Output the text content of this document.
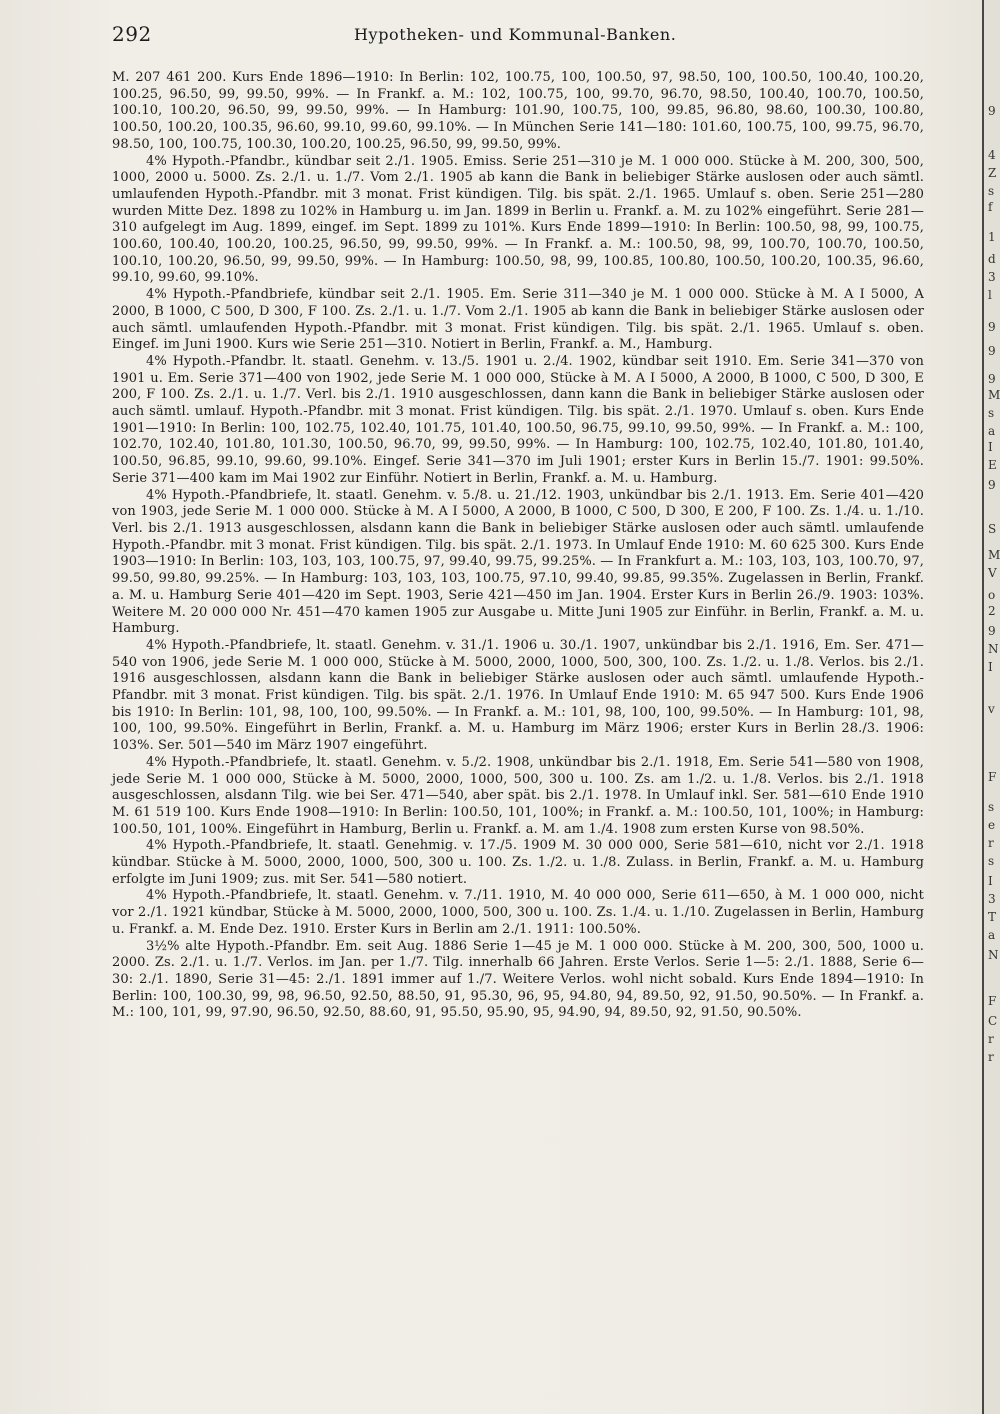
292	Hypotheken- und Kommunal-Banken.

M. 207 461 200. Kurs Ende 1896—1910: In Berlin: 102, 100.75, 100, 100.50, 97, 98.50, 100, 100.50, 100.40, 100.20, 100.25, 96.50, 99, 99.50, 99%. — In Frankf. a. M.: 102, 100.75, 100, 99.70, 96.70, 98.50, 100.40, 100.70, 100.50, 100.10, 100.20, 96.50, 99, 99.50, 99%. — In Hamburg: 101.90, 100.75, 100, 99.85, 96.80, 98.60, 100.30, 100.80, 100.50, 100.20, 100.35, 96.60, 99.10, 99.60, 99.10%. — In München Serie 141—180: 101.60, 100.75, 100, 99.75, 96.70, 98.50, 100, 100.75, 100.30, 100.20, 100.25, 96.50, 99, 99.50, 99%.

4% Hypoth.-Pfandbr., kündbar seit 2./1. 1905. Emiss. Serie 251—310 je M. 1 000 000. Stücke à M. 200, 300, 500, 1000, 2000 u. 5000. Zs. 2./1. u. 1./7. Vom 2./1. 1905 ab kann die Bank in beliebiger Stärke auslosen oder auch sämtl. umlaufenden Hypoth.-Pfandbr. mit 3 monat. Frist kündigen. Tilg. bis spät. 2./1. 1965. Umlauf s. oben. Serie 251—280 wurden Mitte Dez. 1898 zu 102% in Hamburg u. im Jan. 1899 in Berlin u. Frankf. a. M. zu 102% eingeführt. Serie 281—310 aufgelegt im Aug. 1899, eingef. im Sept. 1899 zu 101%. Kurs Ende 1899—1910: In Berlin: 100.50, 98, 99, 100.75, 100.60, 100.40, 100.20, 100.25, 96.50, 99, 99.50, 99%. — In Frankf. a. M.: 100.50, 98, 99, 100.70, 100.70, 100.50, 100.10, 100.20, 96.50, 99, 99.50, 99%. — In Hamburg: 100.50, 98, 99, 100.85, 100.80, 100.50, 100.20, 100.35, 96.60, 99.10, 99.60, 99.10%.

4% Hypoth.-Pfandbriefe, kündbar seit 2./1. 1905. Em. Serie 311—340 je M. 1 000 000. Stücke à M. A I 5000, A 2000, B 1000, C 500, D 300, F 100. Zs. 2./1. u. 1./7. Vom 2./1. 1905 ab kann die Bank in beliebiger Stärke auslosen oder auch sämtl. umlaufenden Hypoth.-Pfandbr. mit 3 monat. Frist kündigen. Tilg. bis spät. 2./1. 1965. Umlauf s. oben. Eingef. im Juni 1900. Kurs wie Serie 251—310. Notiert in Berlin, Frankf. a. M., Hamburg.

4% Hypoth.-Pfandbr. lt. staatl. Genehm. v. 13./5. 1901 u. 2./4. 1902, kündbar seit 1910. Em. Serie 341—370 von 1901 u. Em. Serie 371—400 von 1902, jede Serie M. 1 000 000, Stücke à M. A I 5000, A 2000, B 1000, C 500, D 300, E 200, F 100. Zs. 2./1. u. 1./7. Verl. bis 2./1. 1910 ausgeschlossen, dann kann die Bank in beliebiger Stärke auslosen oder auch sämtl. umlauf. Hypoth.-Pfandbr. mit 3 monat. Frist kündigen. Tilg. bis spät. 2./1. 1970. Umlauf s. oben. Kurs Ende 1901—1910: In Berlin: 100, 102.75, 102.40, 101.75, 101.40, 100.50, 96.75, 99.10, 99.50, 99%. — In Frankf. a. M.: 100, 102.70, 102.40, 101.80, 101.30, 100.50, 96.70, 99, 99.50, 99%. — In Hamburg: 100, 102.75, 102.40, 101.80, 101.40, 100.50, 96.85, 99.10, 99.60, 99.10%. Eingef. Serie 341—370 im Juli 1901; erster Kurs in Berlin 15./7. 1901: 99.50%. Serie 371—400 kam im Mai 1902 zur Einführ. Notiert in Berlin, Frankf. a. M. u. Hamburg.

4% Hypoth.-Pfandbriefe, lt. staatl. Genehm. v. 5./8. u. 21./12. 1903, unkündbar bis 2./1. 1913. Em. Serie 401—420 von 1903, jede Serie M. 1 000 000. Stücke à M. A I 5000, A 2000, B 1000, C 500, D 300, E 200, F 100. Zs. 1./4. u. 1./10. Verl. bis 2./1. 1913 ausgeschlossen, alsdann kann die Bank in beliebiger Stärke auslosen oder auch sämtl. umlaufende Hypoth.-Pfandbr. mit 3 monat. Frist kündigen. Tilg. bis spät. 2./1. 1973. In Umlauf Ende 1910: M. 60 625 300. Kurs Ende 1903—1910: In Berlin: 103, 103, 103, 100.75, 97, 99.40, 99.75, 99.25%. — In Frankfurt a. M.: 103, 103, 103, 100.70, 97, 99.50, 99.80, 99.25%. — In Hamburg: 103, 103, 103, 100.75, 97.10, 99.40, 99.85, 99.35%. Zugelassen in Berlin, Frankf. a. M. u. Hamburg Serie 401—420 im Sept. 1903, Serie 421—450 im Jan. 1904. Erster Kurs in Berlin 26./9. 1903: 103%. Weitere M. 20 000 000 Nr. 451—470 kamen 1905 zur Ausgabe u. Mitte Juni 1905 zur Einführ. in Berlin, Frankf. a. M. u. Hamburg.

4% Hypoth.-Pfandbriefe, lt. staatl. Genehm. v. 31./1. 1906 u. 30./1. 1907, unkündbar bis 2./1. 1916, Em. Ser. 471—540 von 1906, jede Serie M. 1 000 000, Stücke à M. 5000, 2000, 1000, 500, 300, 100. Zs. 1./2. u. 1./8. Verlos. bis 2./1. 1916 ausgeschlossen, alsdann kann die Bank in beliebiger Stärke auslosen oder auch sämtl. umlaufende Hypoth.-Pfandbr. mit 3 monat. Frist kündigen. Tilg. bis spät. 2./1. 1976. In Umlauf Ende 1910: M. 65 947 500. Kurs Ende 1906 bis 1910: In Berlin: 101, 98, 100, 100, 99.50%. — In Frankf. a. M.: 101, 98, 100, 100, 99.50%. — In Hamburg: 101, 98, 100, 100, 99.50%. Eingeführt in Berlin, Frankf. a. M. u. Hamburg im März 1906; erster Kurs in Berlin 28./3. 1906: 103%. Ser. 501—540 im März 1907 eingeführt.

4% Hypoth.-Pfandbriefe, lt. staatl. Genehm. v. 5./2. 1908, unkündbar bis 2./1. 1918, Em. Serie 541—580 von 1908, jede Serie M. 1 000 000, Stücke à M. 5000, 2000, 1000, 500, 300 u. 100. Zs. am 1./2. u. 1./8. Verlos. bis 2./1. 1918 ausgeschlossen, alsdann Tilg. wie bei Ser. 471—540, aber spät. bis 2./1. 1978. In Umlauf inkl. Ser. 581—610 Ende 1910 M. 61 519 100. Kurs Ende 1908—1910: In Berlin: 100.50, 101, 100%; in Frankf. a. M.: 100.50, 101, 100%; in Hamburg: 100.50, 101, 100%. Eingeführt in Hamburg, Berlin u. Frankf. a. M. am 1./4. 1908 zum ersten Kurse von 98.50%.

4% Hypoth.-Pfandbriefe, lt. staatl. Genehmig. v. 17./5. 1909 M. 30 000 000, Serie 581—610, nicht vor 2./1. 1918 kündbar. Stücke à M. 5000, 2000, 1000, 500, 300 u. 100. Zs. 1./2. u. 1./8. Zulass. in Berlin, Frankf. a. M. u. Hamburg erfolgte im Juni 1909; zus. mit Ser. 541—580 notiert.

4% Hypoth.-Pfandbriefe, lt. staatl. Genehm. v. 7./11. 1910, M. 40 000 000, Serie 611—650, à M. 1 000 000, nicht vor 2./1. 1921 kündbar, Stücke à M. 5000, 2000, 1000, 500, 300 u. 100. Zs. 1./4. u. 1./10. Zugelassen in Berlin, Hamburg u. Frankf. a. M. Ende Dez. 1910. Erster Kurs in Berlin am 2./1. 1911: 100.50%.

3½% alte Hypoth.-Pfandbr. Em. seit Aug. 1886 Serie 1—45 je M. 1 000 000. Stücke à M. 200, 300, 500, 1000 u. 2000. Zs. 2./1. u. 1./7. Verlos. im Jan. per 1./7. Tilg. innerhalb 66 Jahren. Erste Verlos. Serie 1—5: 2./1. 1888, Serie 6—30: 2./1. 1890, Serie 31—45: 2./1. 1891 immer auf 1./7. Weitere Verlos. wohl nicht sobald. Kurs Ende 1894—1910: In Berlin: 100, 100.30, 99, 98, 96.50, 92.50, 88.50, 91, 95.30, 96, 95, 94.80, 94, 89.50, 92, 91.50, 90.50%. — In Frankf. a. M.: 100, 101, 99, 97.90, 96.50, 92.50, 88.60, 91, 95.50, 95.90, 95, 94.90, 94, 89.50, 92, 91.50, 90.50%.

9
4
Z
s
f
1
d
3
l
9
9
9
M
s
a
I
E
9
S
M
V
o
2
9
N
I
v
F
s
e
r
s
I
3
T
a
N
F
C
r
r
